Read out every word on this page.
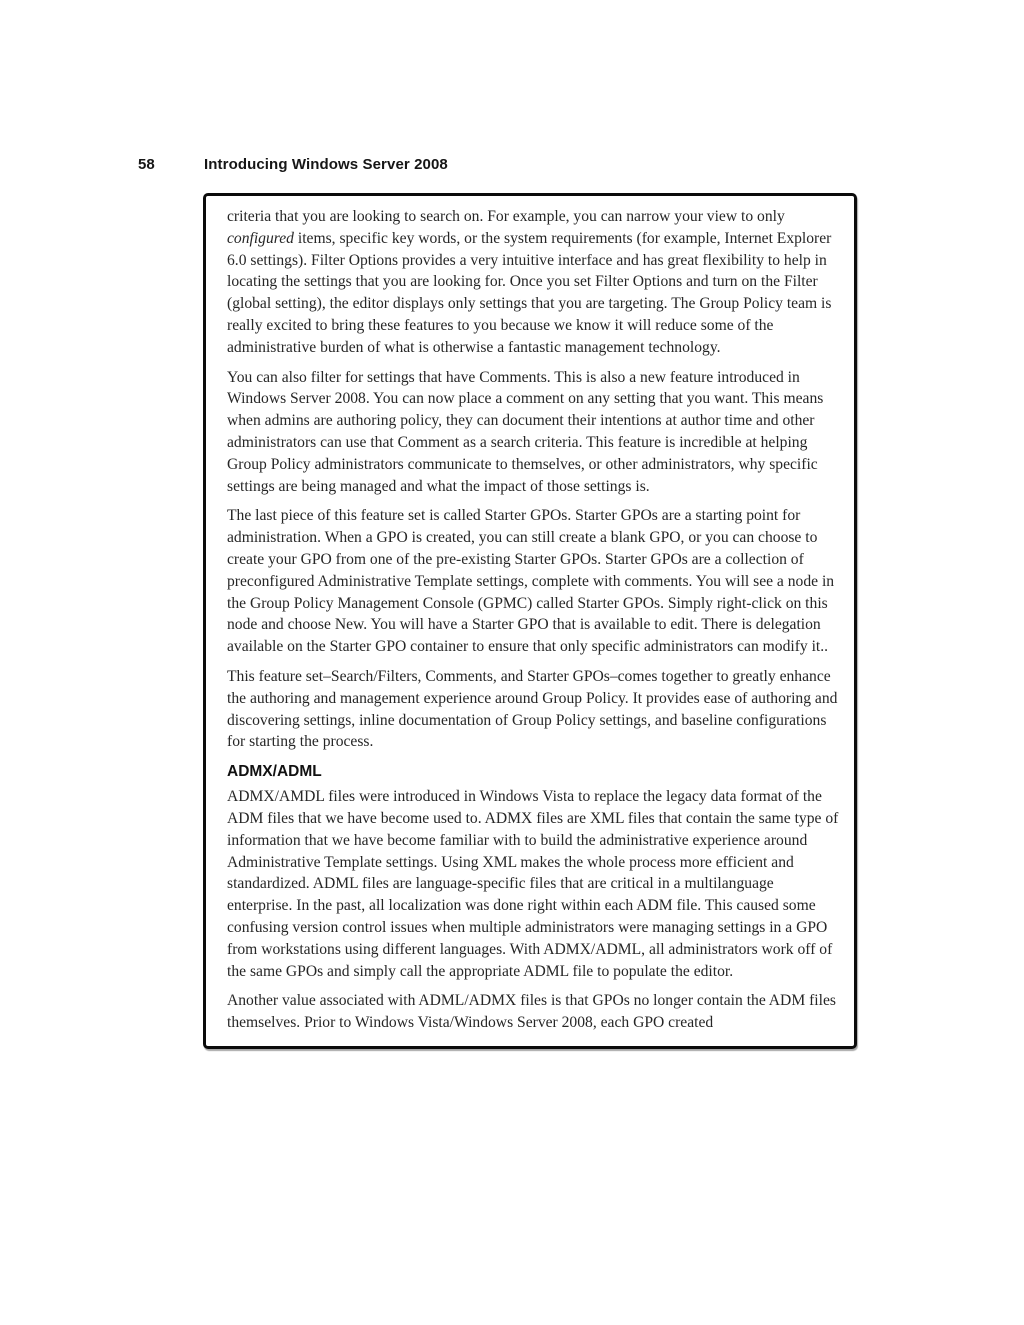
58	Introducing Windows Server 2008
criteria that you are looking to search on. For example, you can narrow your view to only configured items, specific key words, or the system requirements (for example, Internet Explorer 6.0 settings). Filter Options provides a very intuitive interface and has great flexibility to help in locating the settings that you are looking for. Once you set Filter Options and turn on the Filter (global setting), the editor displays only settings that you are targeting. The Group Policy team is really excited to bring these features to you because we know it will reduce some of the administrative burden of what is otherwise a fantastic management technology.
You can also filter for settings that have Comments. This is also a new feature introduced in Windows Server 2008. You can now place a comment on any setting that you want. This means when admins are authoring policy, they can document their intentions at author time and other administrators can use that Comment as a search criteria. This feature is incredible at helping Group Policy administrators communicate to themselves, or other administrators, why specific settings are being managed and what the impact of those settings is.
The last piece of this feature set is called Starter GPOs. Starter GPOs are a starting point for administration. When a GPO is created, you can still create a blank GPO, or you can choose to create your GPO from one of the pre-existing Starter GPOs. Starter GPOs are a collection of preconfigured Administrative Template settings, complete with comments. You will see a node in the Group Policy Management Console (GPMC) called Starter GPOs. Simply right-click on this node and choose New. You will have a Starter GPO that is available to edit. There is delegation available on the Starter GPO container to ensure that only specific administrators can modify it..
This feature set–Search/Filters, Comments, and Starter GPOs–comes together to greatly enhance the authoring and management experience around Group Policy. It provides ease of authoring and discovering settings, inline documentation of Group Policy settings, and baseline configurations for starting the process.
ADMX/ADML
ADMX/AMDL files were introduced in Windows Vista to replace the legacy data format of the ADM files that we have become used to. ADMX files are XML files that contain the same type of information that we have become familiar with to build the administrative experience around Administrative Template settings. Using XML makes the whole process more efficient and standardized. ADML files are language-specific files that are critical in a multilanguage enterprise. In the past, all localization was done right within each ADM file. This caused some confusing version control issues when multiple administrators were managing settings in a GPO from workstations using different languages. With ADMX/ADML, all administrators work off of the same GPOs and simply call the appropriate ADML file to populate the editor.
Another value associated with ADML/ADMX files is that GPOs no longer contain the ADM files themselves. Prior to Windows Vista/Windows Server 2008, each GPO created
